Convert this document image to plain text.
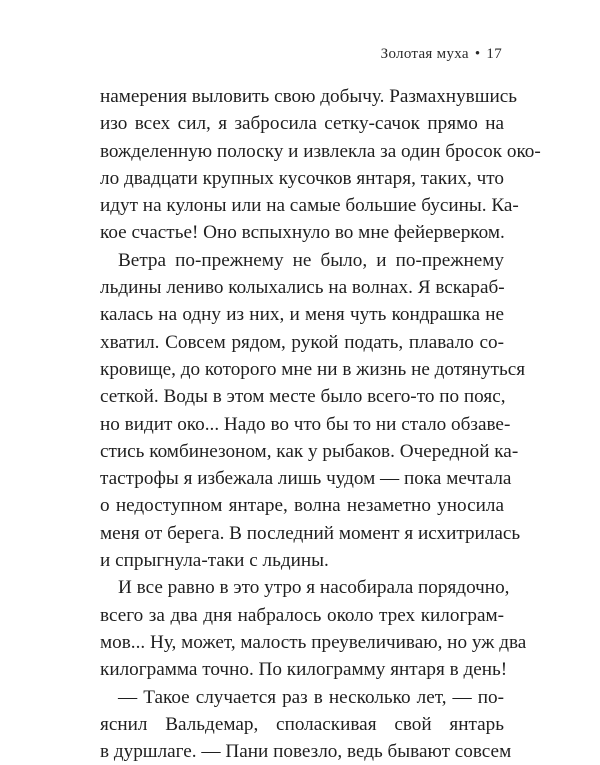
Золотая муха • 17
намерения выловить свою добычу. Размахнувшись
изо всех сил, я забросила сетку-сачок прямо на
вожделенную полоску и извлекла за один бросок око-
ло двадцати крупных кусочков янтаря, таких, что
идут на кулоны или на самые большие бусины. Ка-
кое счастье! Оно вспыхнуло во мне фейерверком.
Ветра по-прежнему не было, и по-прежнему
льдины лениво колыхались на волнах. Я вскараб-
калась на одну из них, и меня чуть кондрашка не
хватил. Совсем рядом, рукой подать, плавало со-
кровище, до которого мне ни в жизнь не дотянуться
сеткой. Воды в этом месте было всего-то по пояс,
но видит око... Надо во что бы то ни стало обзаве-
стись комбинезоном, как у рыбаков. Очередной ка-
тастрофы я избежала лишь чудом — пока мечтала
о недоступном янтаре, волна незаметно уносила
меня от берега. В последний момент я исхитрилась
и спрыгнула-таки с льдины.
И все равно в это утро я насобирала порядочно,
всего за два дня набралось около трех килограм-
мов... Ну, может, малость преувеличиваю, но уж два
килограмма точно. По килограмму янтаря в день!
— Такое случается раз в несколько лет, — по-
яснил Вальдемар, споласкивая свой янтарь
в дуршлаге. — Пани повезло, ведь бывают совсем
